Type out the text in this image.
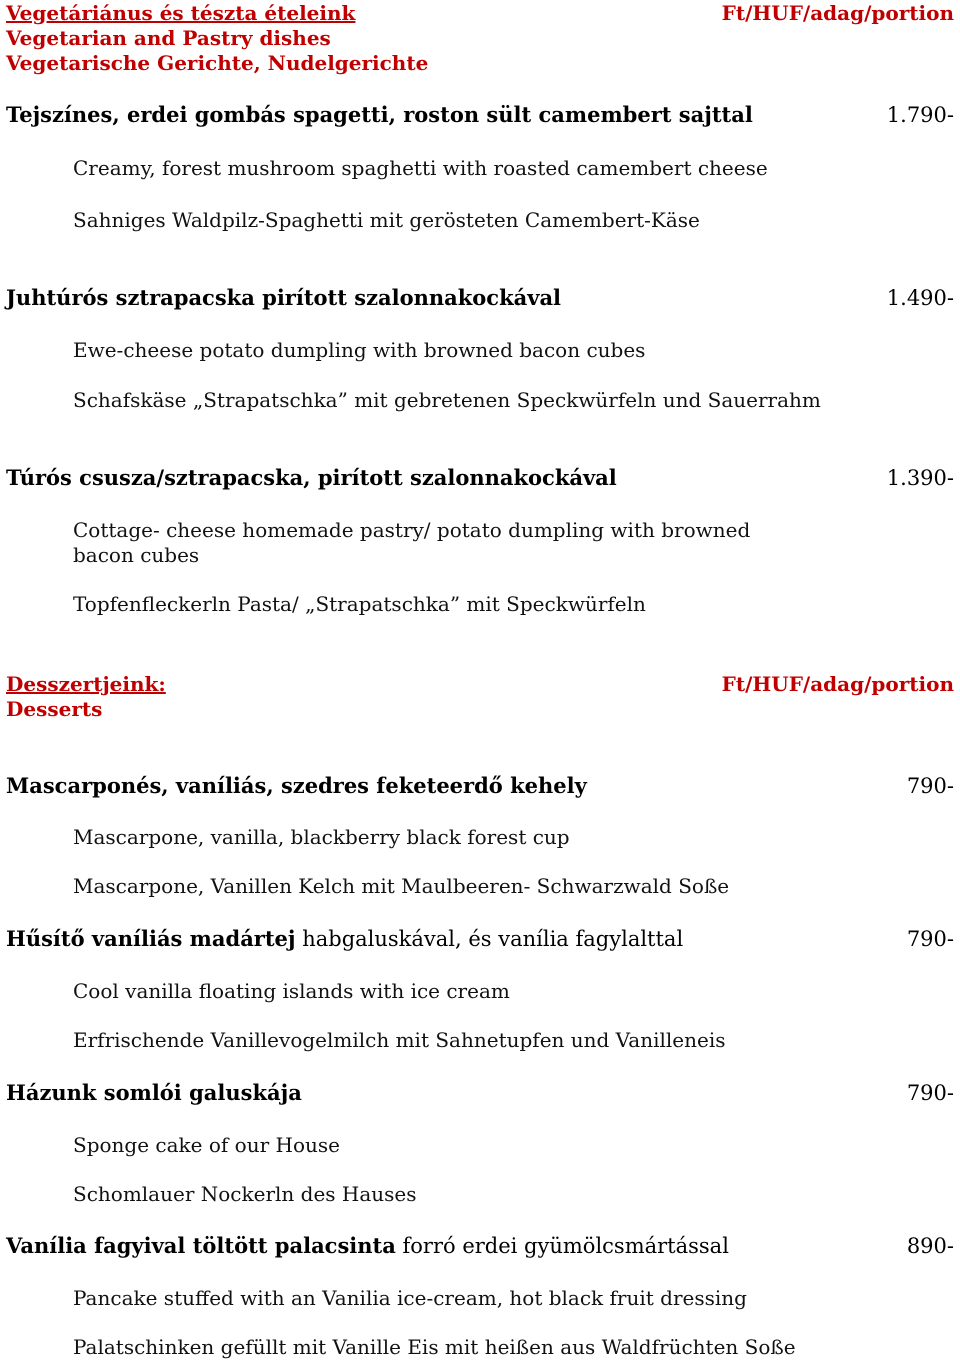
Vegetáriánus és tészta ételeink	Ft/HUF/adag/portion
Vegetarian and Pastry dishes
Vegetarische Gerichte, Nudelgerichte
Tejszínes, erdei gombás spagetti, roston sült camembert sajttal	1.790-
Creamy, forest mushroom spaghetti with roasted camembert cheese
Sahniges Waldpilz-Spaghetti mit gerösteten Camembert-Käse
Juhtúrós sztrapacska pirított szalonnakockával	1.490-
Ewe-cheese potato dumpling with browned bacon cubes
Schafskäse „Strapatschka” mit gebretenen Speckwürfeln und Sauerrahm
Túrós csusza/sztrapacska, pirított szalonnakockával	1.390-
Cottage- cheese homemade pastry/ potato dumpling with browned bacon cubes
Topfenfleckerln Pasta/ „Strapatschka” mit Speckwürfeln
Desszertjeink:	Ft/HUF/adag/portion
Desserts
Mascarponés, vaníliás, szedres feketeerdő kehely	790-
Mascarpone, vanilla, blackberry black forest cup
Mascarpone, Vanillen Kelch mit Maulbeeren- Schwarzwald Soße
Hűsítő vaníliás madártej habgaluskával, és vanília fagylalttal	790-
Cool vanilla floating islands with ice cream
Erfrischende Vanillevogelmilch mit Sahnetupfen und Vanilleneis
Házunk somlói galuskája	790-
Sponge cake of our House
Schomlauer Nockerln des Hauses
Vanília fagyival töltött palacsinta forró erdei gyümölcsmártással	890-
Pancake stuffed with an Vanilia ice-cream, hot black fruit dressing
Palatschinken gefüllt mit Vanille Eis mit heißen aus Waldfrüchten Soße
